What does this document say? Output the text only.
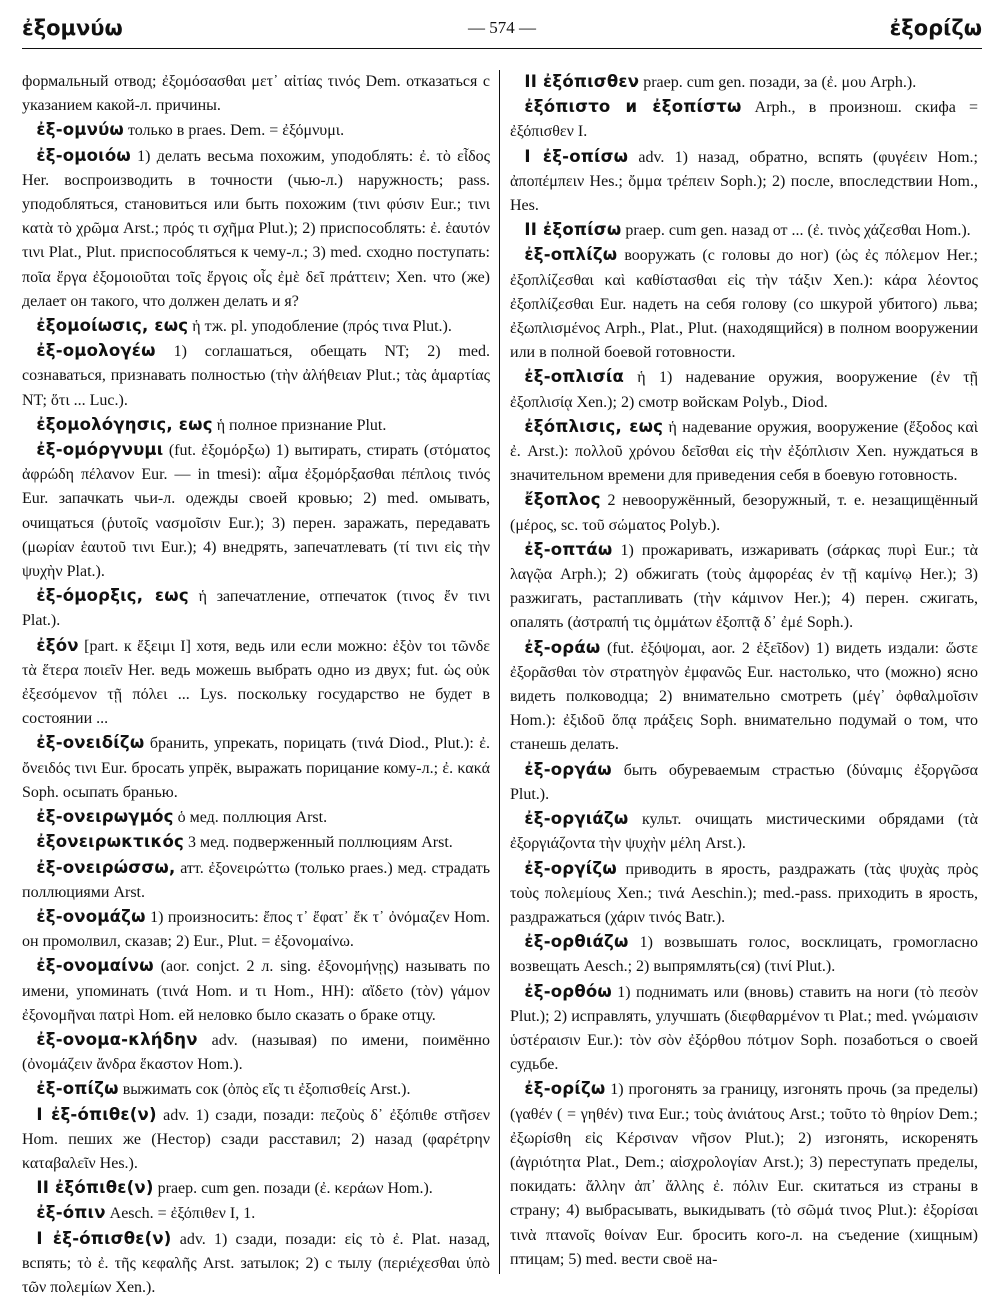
ἐξομνύω	— 574 —	ἐξορίζω

формальный отвод; ἐξομόσασθαι μετ᾽ αἰτίας τινός Dem. отказаться с указанием какой-л. причины.

ἐξ-ομνύω только в praes. Dem. = ἐξόμνυμι.

ἐξ-ομοιόω 1) делать весьма похожим, уподоблять: ἐ. τὸ εἶδος Her. воспроизводить в точности (чью-л.) наружность; pass. уподобляться, становиться или быть похожим (τινι φύσιν Eur.; τινι κατὰ τὸ χρῶμα Arst.; πρός τι σχῆμα Plut.); 2) приспособлять: ἐ. ἑαυτόν τινι Plat., Plut. приспособляться к чему-л.; 3) med. сходно поступать: ποῖα ἔργα ἐξομοιοῦται τοῖς ἔργοις οἷς ἐμὲ δεῖ πράττειν; Xen. что (же) делает он такого, что должен делать и я?

ἐξομοίωσις, εως ἡ тж. pl. уподобление (πρός τινα Plut.).

ἐξ-ομολογέω 1) соглашаться, обещать NT; 2) med. сознаваться, признавать полностью (τὴν ἀλήθειαν Plut.; τὰς ἁμαρτίας NT; ὅτι ... Luc.).

ἐξομολόγησις, εως ἡ полное признание Plut.

ἐξ-ομόργνυμι (fut. ἐξομόρξω) 1) вытирать, стирать (στόματος ἀφρώδη πέλανον Eur. — in tmesi): αἷμα ἐξομόρξασθαι πέπλοις τινός Eur. запачкать чьи-л. одежды своей кровью; 2) med. омывать, очищаться (ῥυτοῖς νασμοῖσιν Eur.); 3) перен. заражать, передавать (μωρίαν ἑαυτοῦ τινι Eur.); 4) внедрять, запечатлевать (τί τινι εἰς τὴν ψυχὴν Plat.).

ἐξ-όμορξις, εως ἡ запечатление, отпечаток (τινος ἔν τινι Plat.).

ἐξόν [part. к ἔξειμι I] хотя, ведь или если можно: ἐξὸν τοι τῶνδε τὰ ἕτερα ποιεῖν Her. ведь можешь выбрать одно из двух; fut. ὡς οὐκ ἐξεσόμενον τῇ πόλει ... Lys. поскольку государство не будет в состоянии ...

ἐξ-ονειδίζω бранить, упрекать, порицать (τινά Diod., Plut.): ἐ. ὄνειδός τινι Eur. бросать упрёк, выражать порицание кому-л.; ἐ. κακά Soph. осыпать бранью.

ἐξ-ονειρωγμός ὁ мед. поллюция Arst.

ἐξονειρωκτικός 3 мед. подверженный поллюциям Arst.

ἐξ-ονειρώσσω, атт. ἐξονειρώττω (только praes.) мед. страдать поллюциями Arst.

ἐξ-ονομάζω 1) произносить: ἔπος τ᾽ ἔφατ᾽ ἔκ τ᾽ ὀνόμαζεν Hom. он промолвил, сказав; 2) Eur., Plut. = ἐξονομαίνω.

ἐξ-ονομαίνω (aor. conjct. 2 л. sing. ἐξονομήνῃς) называть по имени, упоминать (τινά Hom. и τι Hom., HH): αἴδετο (τὸν) γάμον ἐξονομῆναι πατρὶ Hom. ей неловко было сказать о браке отцу.

ἐξ-ονομα-κλήδην adv. (называя) по имени, поимённо (ὀνομάζειν ἄνδρα ἕκαστον Hom.).

ἐξ-οπίζω выжимать сок (ὀπὸς εἴς τι ἐξοπισθείς Arst.).

I ἐξ-όπιθε(ν) adv. 1) сзади, позади: πεζοὺς δ᾽ ἐξόπιθε στῆσεν Hom. пеших же (Нестор) сзади расставил; 2) назад (φαρέτρην καταβαλεῖν Hes.).

II ἐξόπιθε(ν) praep. cum gen. позади (ἐ. κεράων Hom.).

ἐξ-όπιν Aesch. = ἐξόπιθεν I, 1.

I ἐξ-όπισθε(ν) adv. 1) сзади, позади: εἰς τὸ ἐ. Plat. назад, вспять; τὸ ἐ. τῆς κεφαλῆς Arst. затылок; 2) с тылу (περιέχεσθαι ὑπὸ τῶν πολεμίων Xen.).

II ἐξόπισθεν praep. cum gen. позади, за (ἐ. μου Arph.).

ἐξόπιστο и ἐξοπίστω Arph., в произнош. скифа = ἐξόπισθεν I.

I ἐξ-οπίσω adv. 1) назад, обратно, вспять (φυγέειν Hom.; ἀποπέμπειν Hes.; ὄμμα τρέπειν Soph.); 2) после, впоследствии Hom., Hes.

II ἐξοπίσω praep. cum gen. назад от ... (ἐ. τινὸς χάζεσθαι Hom.).

ἐξ-οπλίζω вооружать (с головы до ног) (ὡς ἐς πόλεμον Her.; ἐξοπλίζεσθαι καὶ καθίστασθαι εἰς τὴν τάξιν Xen.): κάρα λέοντος ἐξοπλίζεσθαι Eur. надеть на себя голову (со шкурой убитого) льва; ἐξωπλισμένος Arph., Plat., Plut. (находящийся) в полном вооружении или в полной боевой готовности.

ἐξ-οπλισία ἡ 1) надевание оружия, вооружение (ἐν τῇ ἐξοπλισίᾳ Xen.); 2) смотр войскам Polyb., Diod.

ἐξόπλισις, εως ἡ надевание оружия, вооружение (ἔξοδος καὶ ἐ. Arst.): πολλοῦ χρόνου δεῖσθαι εἰς τὴν ἐξόπλισιν Xen. нуждаться в значительном времени для приведения себя в боевую готовность.

ἔξοπλος 2 невооружённый, безоружный, т. е. незащищённый (μέρος, sc. τοῦ σώματος Polyb.).

ἐξ-οπτάω 1) прожаривать, изжаривать (σάρκας πυρὶ Eur.; τὰ λαγῷα Arph.); 2) обжигать (τοὺς ἀμφορέας ἐν τῇ καμίνῳ Her.); 3) разжигать, растапливать (τὴν κάμινον Her.); 4) перен. сжигать, опалять (ἀστραπή τις ὀμμάτων ἐξοπτᾷ δ᾽ ἐμέ Soph.).

ἐξ-οράω (fut. ἐξόψομαι, aor. 2 ἐξεῖδον) 1) видеть издали: ὥστε ἐξορᾶσθαι τὸν στρατηγὸν ἐμφανῶς Eur. настолько, что (можно) ясно видеть полководца; 2) внимательно смотреть (μέγ᾽ ὀφθαλμοῖσιν Hom.): ἐξιδοῦ ὅπᾳ πράξεις Soph. внимательно подумай о том, что станешь делать.

ἐξ-οργάω быть обуреваемым страстью (δύναμις ἐξοργῶσα Plut.).

ἐξ-οργιάζω культ. очищать мистическими обрядами (τὰ ἐξοργιάζοντα τὴν ψυχὴν μέλη Arst.).

ἐξ-οργίζω приводить в ярость, раздражать (τὰς ψυχὰς πρὸς τοὺς πολεμίους Xen.; τινά Aeschin.); med.-pass. приходить в ярость, раздражаться (χάριν τινός Batr.).

ἐξ-ορθιάζω 1) возвышать голос, восклицать, громогласно возвещать Aesch.; 2) выпрямлять(ся) (τινί Plut.).

ἐξ-ορθόω 1) поднимать или (вновь) ставить на ноги (τὸ πεσὸν Plut.); 2) исправлять, улучшать (διεφθαρμένον τι Plat.; med. γνώμαισιν ὑστέραισιν Eur.): τὸν σὸν ἐξόρθου πότμον Soph. позаботься о своей судьбе.

ἐξ-ορίζω 1) прогонять за границу, изгонять прочь (за пределы) (γαθέν ( = γηθέν) τινα Eur.; τοὺς ἀνιάτους Arst.; τοῦτο τὸ θηρίον Dem.; ἐξωρίσθη εἰς Κέρσιναν νῆσον Plut.); 2) изгонять, искоренять (ἀγριότητα Plat., Dem.; αἰσχρολογίαν Arst.); 3) переступать пределы, покидать: ἄλλην ἀπ᾽ ἄλλης ἐ. πόλιν Eur. скитаться из страны в страну; 4) выбрасывать, выкидывать (τὸ σῶμά τινος Plut.): ἐξορίσαι τινὰ πτανοῖς θοίναν Eur. бросить кого-л. на съедение (хищным) птицам; 5) med. вести своё на-
